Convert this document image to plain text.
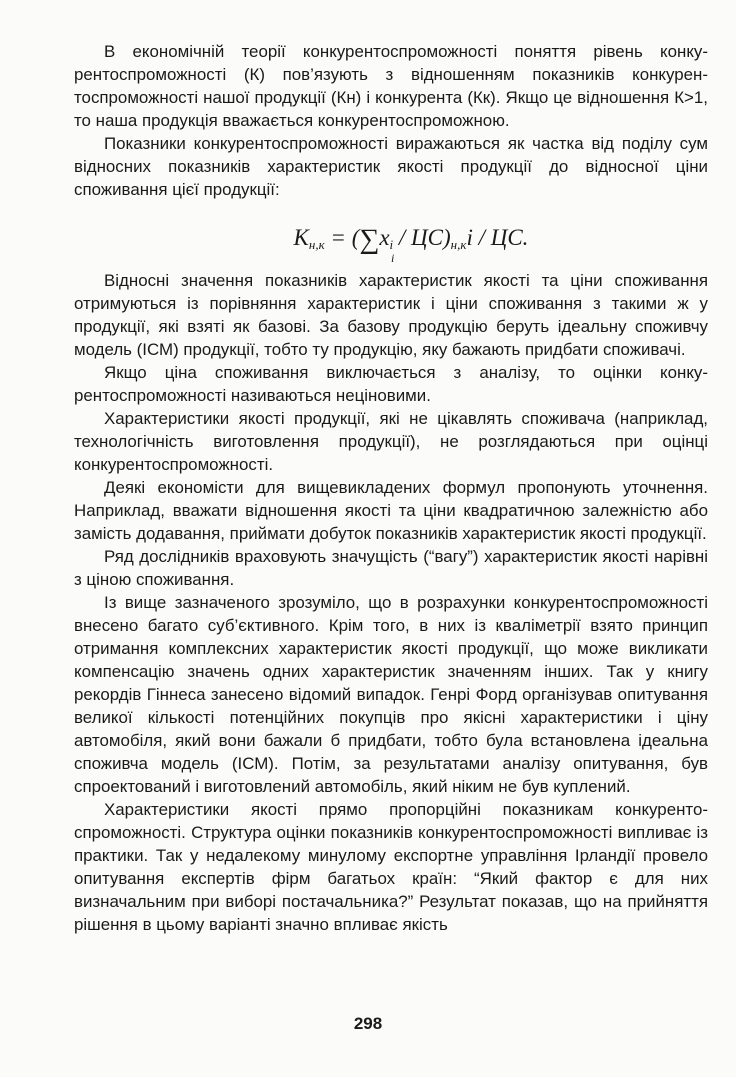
В економічній теорії конкурентоспроможності поняття рівень конкурентоспроможності (К) пов’язують з відношенням показників конкурентоспроможності нашої продукції (Кн) і конкурента (Кк). Якщо це відношення К>1, то наша продукція вважається конкурентоспроможною.

Показники конкурентоспроможності виражаються як частка від поділу сум відносних показників характеристик якості продукції до відносної ціни споживання цієї продукції:

$K_{н,к} = (\sum x_i / ЦС)_{н,к}i$ / ЦС.
i

Відносні значення показників характеристик якості та ціни споживання отримуються із порівняння характеристик і ціни споживання з такими ж у продукції, які взяті як базові. За базову продукцію беруть ідеальну споживчу модель (ІСМ) продукції, тобто ту продукцію, яку бажають придбати споживачі.

Якщо ціна споживання виключається з аналізу, то оцінки конкурентоспроможності називаються неціновими.

Характеристики якості продукції, які не цікавлять споживача (наприклад, технологічність виготовлення продукції), не розглядаються при оцінці конкурентоспроможності.

Деякі економісти для вищевикладених формул пропонують уточнення. Наприклад, вважати відношення якості та ціни квадратичною залежністю або замість додавання, приймати добуток показників характеристик якості продукції.

Ряд дослідників враховують значущість (“вагу”) характеристик якості нарівні з ціною споживання.

Із вище зазначеного зрозуміло, що в розрахунки конкурентоспроможності внесено багато суб’єктивного. Крім того, в них із кваліметрії взято принцип отримання комплексних характеристик якості продукції, що може викликати компенсацію значень одних характеристик значенням інших. Так у книгу рекордів Гіннеса занесено відомий випадок. Генрі Форд організував опитування великої кількості потенційних покупців про якісні характеристики і ціну автомобіля, який вони бажали б придбати, тобто була встановлена ідеальна споживча модель (ІСМ). Потім, за результатами аналізу опитування, був спроектований і виготовлений автомобіль, який ніким не був куплений.

Характеристики якості прямо пропорційні показникам конкурентоспроможності. Структура оцінки показників конкурентоспроможності випливає із практики. Так у недалекому минулому експортне управління Ірландії провело опитування експертів фірм багатьох країн: “Який фактор є для них визначальним при виборі постачальника?” Результат показав, що на прийняття рішення в цьому варіанті значно впливає якість

298
